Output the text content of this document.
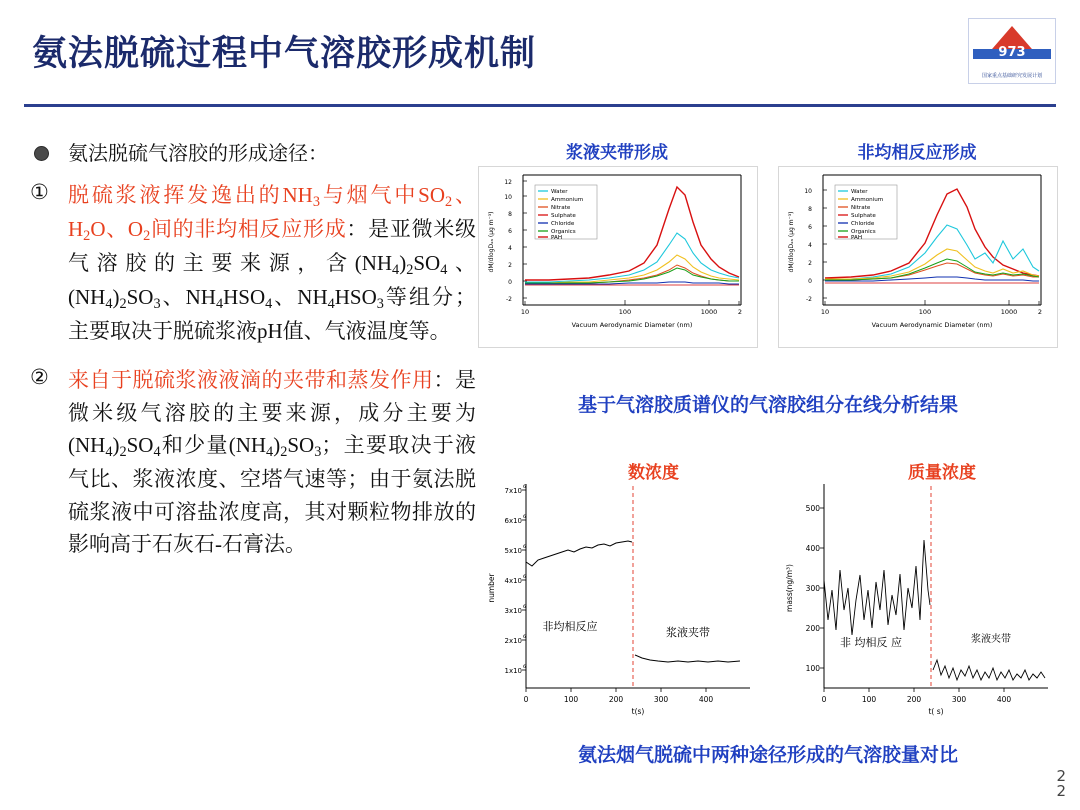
氨法脱硫过程中气溶胶形成机制	973
国家重点基础研究发展计划
氨法脱硫气溶胶的形成途径：
① 脱硫浆液挥发逸出的$NH_3$与烟气中$SO_2$、$H_2O$、$O_2$间的非均相反应形成：是亚微米级气溶胶的主要来源，含$(NH_4)_2SO_4$、$(NH_4)_2SO_3$、$NH_4HSO_4$、$NH_4HSO_3$等组分；主要取决于脱硫浆液pH值、气液温度等。
② 来自于脱硫浆液液滴的夹带和蒸发作用：是微米级气溶胶的主要来源，成分主要为$(NH_4)_2SO_4$和少量$(NH_4)_2SO_3$；主要取决于液气比、浆液浓度、空塔气速等；由于氨法脱硫浆液中可溶盐浓度高，其对颗粒物排放的影响高于石灰石-石膏法。
浆液夹带形成	非均相反应形成
-2
0
2
4
6
8
10
12
10	100	1000	2
Vacuum Aerodynamic Diameter (nm)
dM/dlogDₔₐ (µg m⁻³)
Water
Ammonium
Nitrate
Sulphate
Chloride
Organics
PAH
-2
0
2
4
6
8
10
10	100	1000	2
Vacuum Aerodynamic Diameter (nm)
dM/dlogDₔₐ (µg m⁻³)
Water
Ammonium
Nitrate
Sulphate
Chloride
Organics
PAH
基于气溶胶质谱仪的气溶胶组分在线分析结果
1x10
2x10
3x10
4x10
5x10
6x10
7x10
6
6
6
6
6
6
6
0	100	200	300	400
t(s)
number
非均相反应	浆液夹带
100
200
300
400
500
0	100	200	300	400
t( s)
mass(ng/m³)
非 均相反 应	浆液夹带
数浓度	质量浓度
氨法烟气脱硫中两种途径形成的气溶胶量对比
2
2
